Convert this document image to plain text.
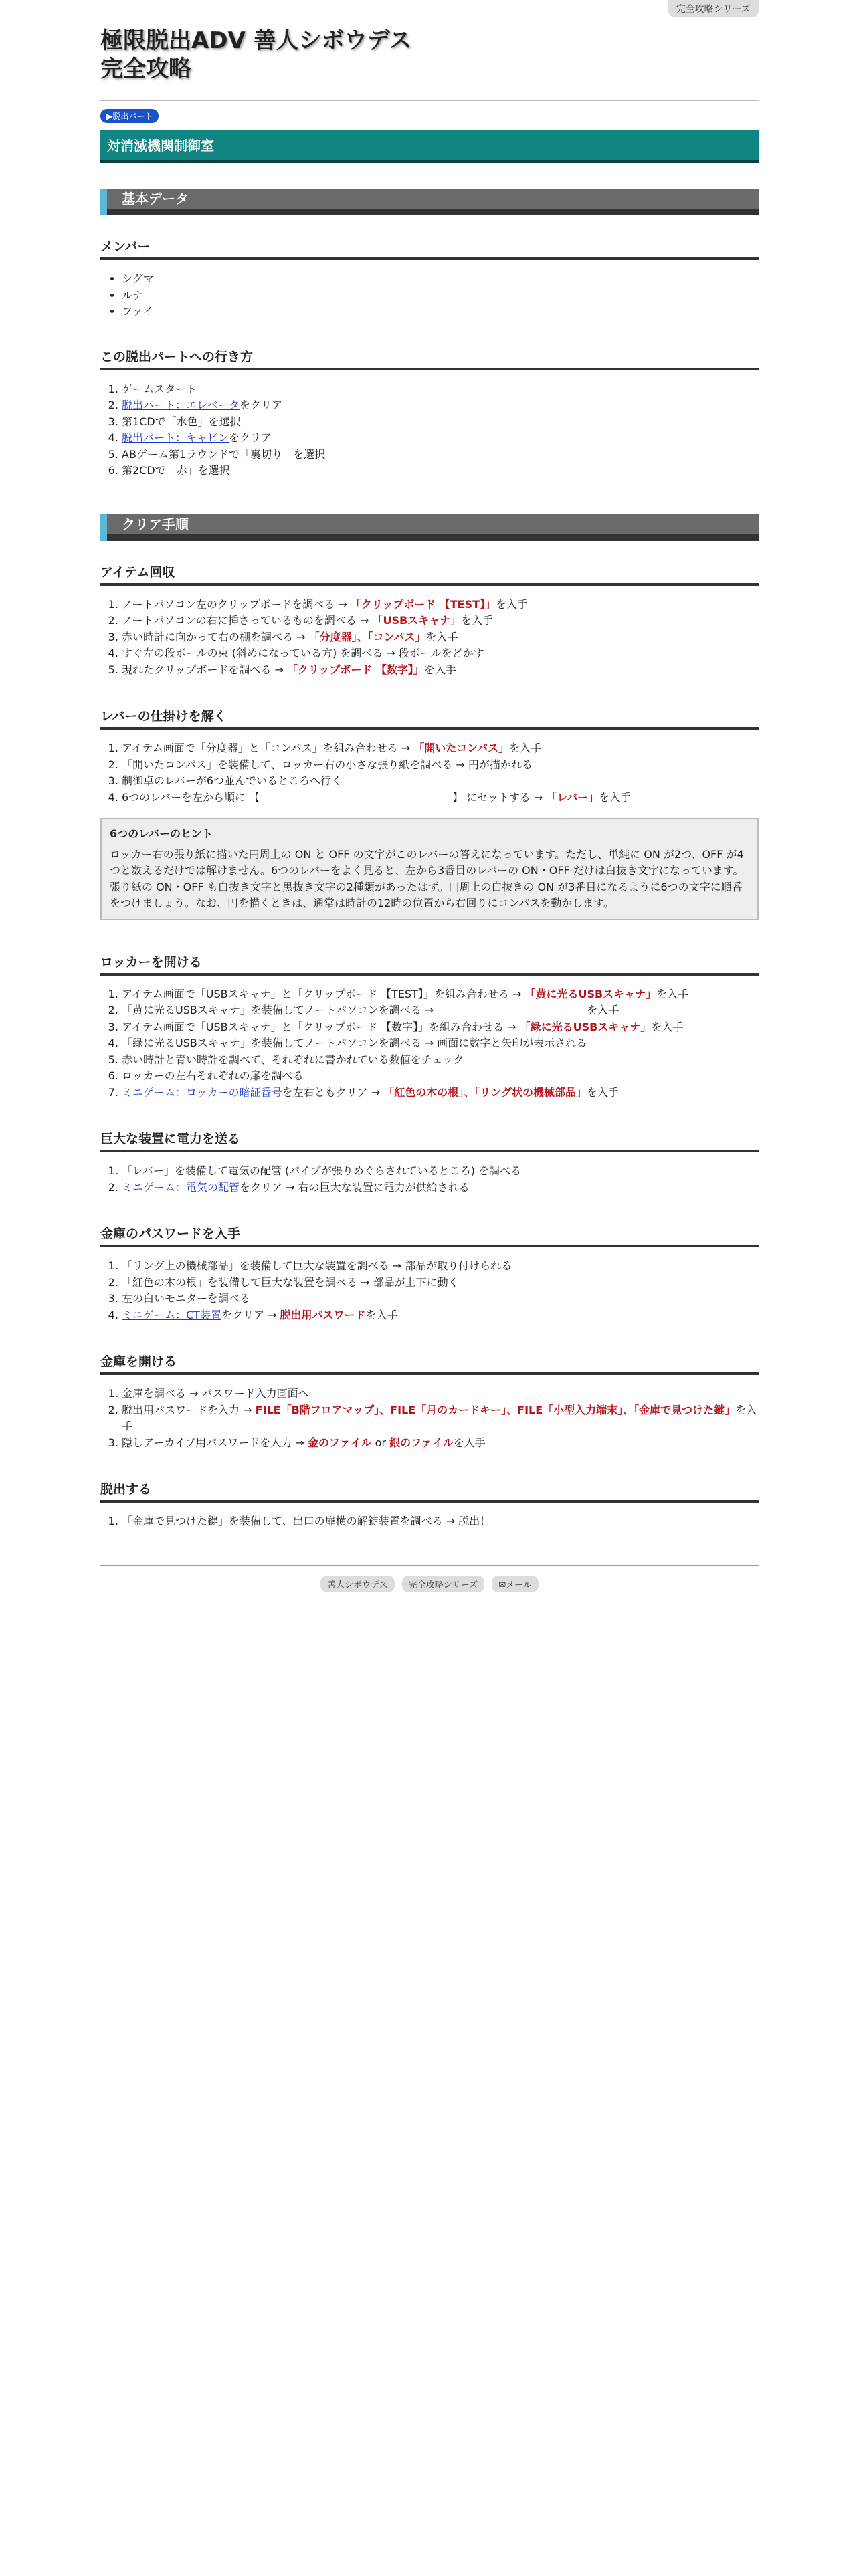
完全攻略シリーズ
極限脱出ADV 善人シボウデス
完全攻略
▶脱出パート
対消滅機関制御室
基本データ
メンバー
• シグマ
• ルナ
• ファイ
この脱出パートへの行き方
1. ゲームスタート
2. 脱出パート：エレベータをクリア
3. 第1CDで「水色」を選択
4. 脱出パート：キャビンをクリア
5. ABゲーム第1ラウンドで「裏切り」を選択
6. 第2CDで「赤」を選択
クリア手順
アイテム回収
1. ノートパソコン左のクリップボードを調べる → 「クリップボード 【TEST】」を入手
2. ノートパソコンの右に挿さっているものを調べる → 「USBスキャナ」を入手
3. 赤い時計に向かって右の棚を調べる → 「分度器」、「コンパス」を入手
4. すぐ左の段ボールの束 (斜めになっている方) を調べる → 段ボールをどかす
5. 現れたクリップボードを調べる → 「クリップボード 【数字】」を入手
レバーの仕掛けを解く
1. アイテム画面で「分度器」と「コンパス」を組み合わせる → 「開いたコンパス」を入手
2. 「開いたコンパス」を装備して、ロッカー右の小さな張り紙を調べる → 円が描かれる
3. 制御卓のレバーが6つ並んでいるところへ行く
4. 6つのレバーを左から順に 【　　　　　　　　　　　　　　　　　　】 にセットする → 「レバー」を入手
6つのレバーのヒント
ロッカー右の張り紙に描いた円周上の ON と OFF の文字がこのレバーの答えになっています。ただし、単純に ON が2つ、OFF が4つと数えるだけでは解けません。6つのレバーをよく見ると、左から3番目のレバーの ON・OFF だけは白抜き文字になっています。張り紙の ON・OFF も白抜き文字と黒抜き文字の2種類があったはず。円周上の白抜きの ON が3番目になるように6つの文字に順番をつけましょう。なお、円を描くときは、通常は時計の12時の位置から右回りにコンパスを動かします。
ロッカーを開ける
1. アイテム画面で「USBスキャナ」と「クリップボード 【TEST】」を組み合わせる → 「黄に光るUSBスキャナ」を入手
2. 「黄に光るUSBスキャナ」を装備してノートパソコンを調べる → 　　　　　　　　　　　　　　を入手
3. アイテム画面で「USBスキャナ」と「クリップボード 【数字】」を組み合わせる → 「緑に光るUSBスキャナ」を入手
4. 「緑に光るUSBスキャナ」を装備してノートパソコンを調べる → 画面に数字と矢印が表示される
5. 赤い時計と青い時計を調べて、それぞれに書かれている数値をチェック
6. ロッカーの左右それぞれの扉を調べる
7. ミニゲーム：ロッカーの暗証番号を左右ともクリア → 「紅色の木の根」、「リング状の機械部品」を入手
巨大な装置に電力を送る
1. 「レバー」を装備して電気の配管 (パイプが張りめぐらされているところ) を調べる
2. ミニゲーム：電気の配管をクリア → 右の巨大な装置に電力が供給される
金庫のパスワードを入手
1. 「リング上の機械部品」を装備して巨大な装置を調べる → 部品が取り付けられる
2. 「紅色の木の根」を装備して巨大な装置を調べる → 部品が上下に動く
3. 左の白いモニターを調べる
4. ミニゲーム：CT装置をクリア → 脱出用パスワードを入手
金庫を開ける
1. 金庫を調べる → パスワード入力画面へ
2. 脱出用パスワードを入力 → FILE「B階フロアマップ」、FILE「月のカードキー」、FILE「小型入力端末」、「金庫で見つけた鍵」を入手
3. 隠しアーカイブ用パスワードを入力 → 金のファイル or 銀のファイルを入手
脱出する
1. 「金庫で見つけた鍵」を装備して、出口の扉横の解錠装置を調べる → 脱出！
善人シボウデス 完全攻略シリーズ ✉メール
